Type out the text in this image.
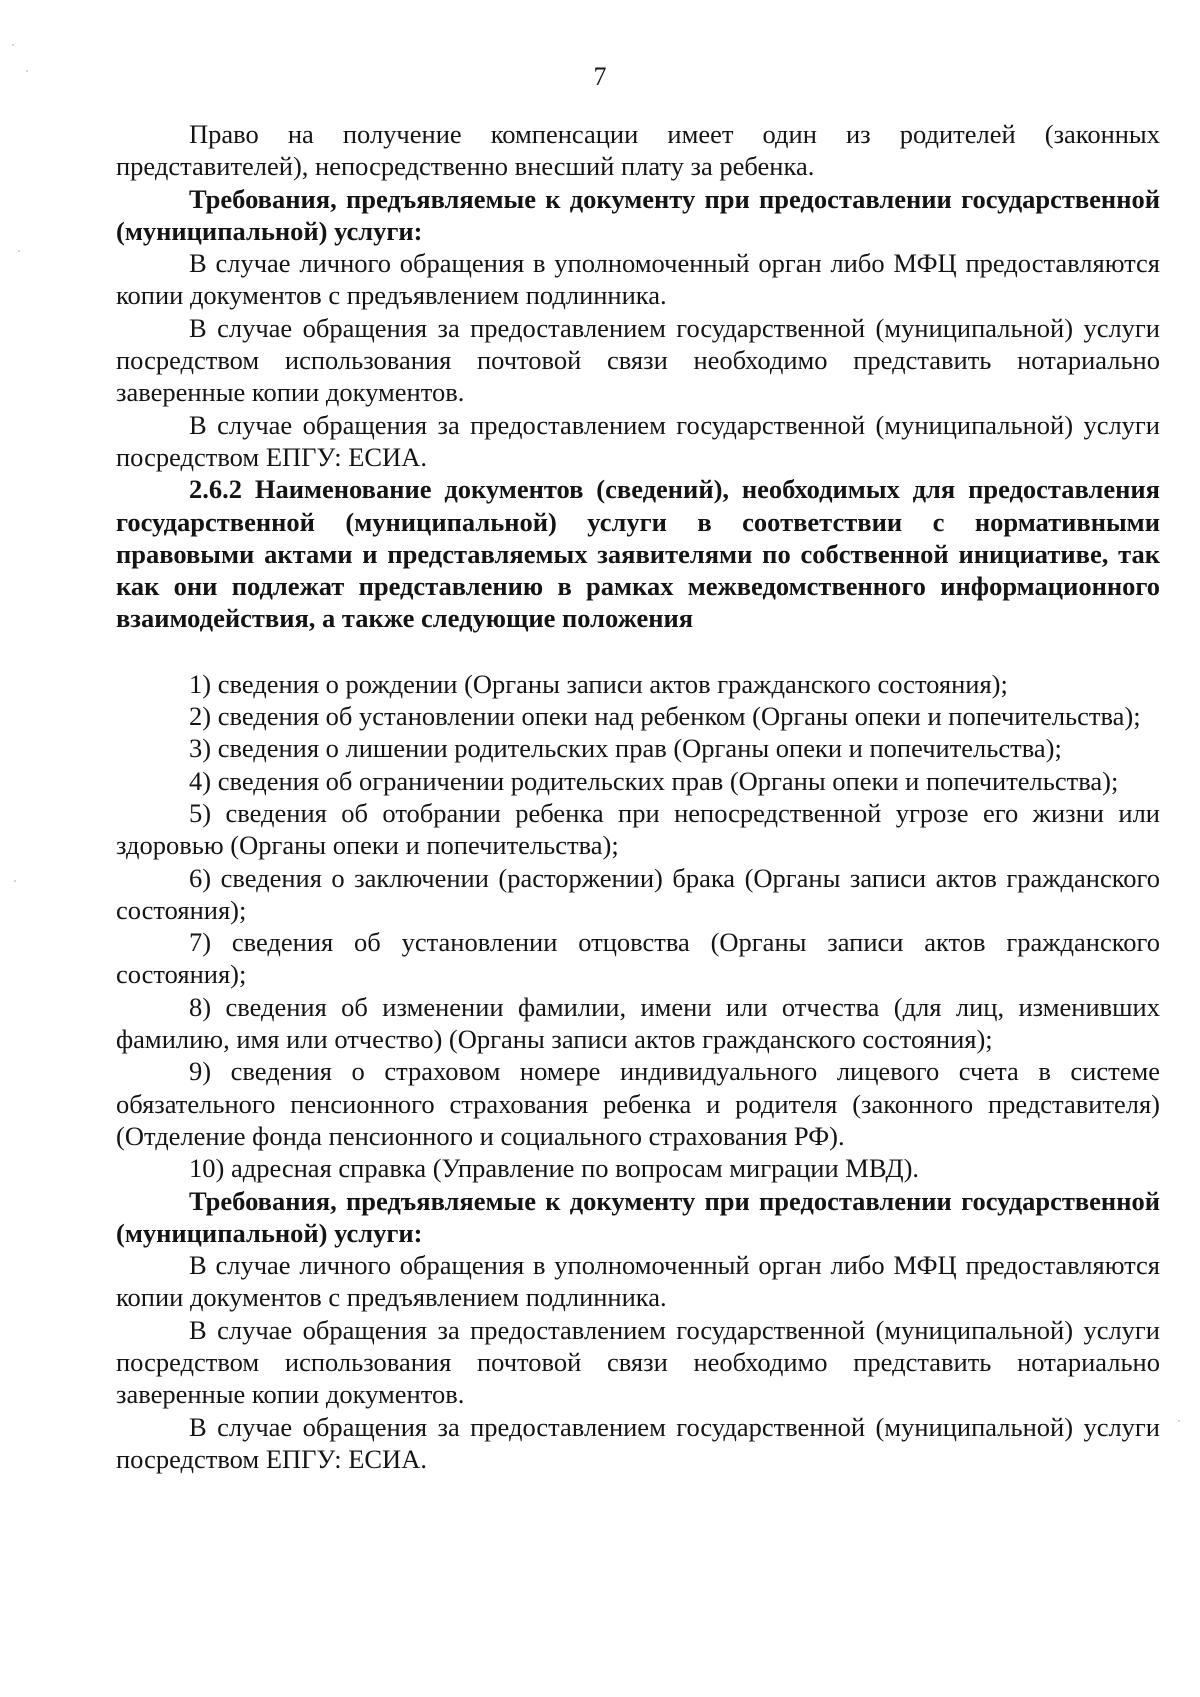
7

Право на получение компенсации имеет один из родителей (законных представителей), непосредственно внесший плату за ребенка.

Требования, предъявляемые к документу при предоставлении государственной (муниципальной) услуги:

В случае личного обращения в уполномоченный орган либо МФЦ предоставляются копии документов с предъявлением подлинника.

В случае обращения за предоставлением государственной (муниципальной) услуги посредством использования почтовой связи необходимо представить нотариально заверенные копии документов.

В случае обращения за предоставлением государственной (муниципальной) услуги посредством ЕПГУ: ЕСИА.

2.6.2 Наименование документов (сведений), необходимых для предоставления государственной (муниципальной) услуги в соответствии с нормативными правовыми актами и представляемых заявителями по собственной инициативе, так как они подлежат представлению в рамках межведомственного информационного взаимодействия, а также следующие положения

1) сведения о рождении (Органы записи актов гражданского состояния);

2) сведения об установлении опеки над ребенком (Органы опеки и попечительства);

3) сведения о лишении родительских прав (Органы опеки и попечительства);

4) сведения об ограничении родительских прав (Органы опеки и попечительства);

5) сведения об отобрании ребенка при непосредственной угрозе его жизни или здоровью (Органы опеки и попечительства);

6) сведения о заключении (расторжении) брака (Органы записи актов гражданского состояния);

7) сведения об установлении отцовства (Органы записи актов гражданского состояния);

8) сведения об изменении фамилии, имени или отчества (для лиц, изменивших фамилию, имя или отчество) (Органы записи актов гражданского состояния);

9) сведения о страховом номере индивидуального лицевого счета в системе обязательного пенсионного страхования ребенка и родителя (законного представителя) (Отделение фонда пенсионного и социального страхования РФ).

10) адресная справка (Управление по вопросам миграции МВД).

Требования, предъявляемые к документу при предоставлении государственной (муниципальной) услуги:

В случае личного обращения в уполномоченный орган либо МФЦ предоставляются копии документов с предъявлением подлинника.

В случае обращения за предоставлением государственной (муниципальной) услуги посредством использования почтовой связи необходимо представить нотариально заверенные копии документов.

В случае обращения за предоставлением государственной (муниципальной) услуги посредством ЕПГУ: ЕСИА.
